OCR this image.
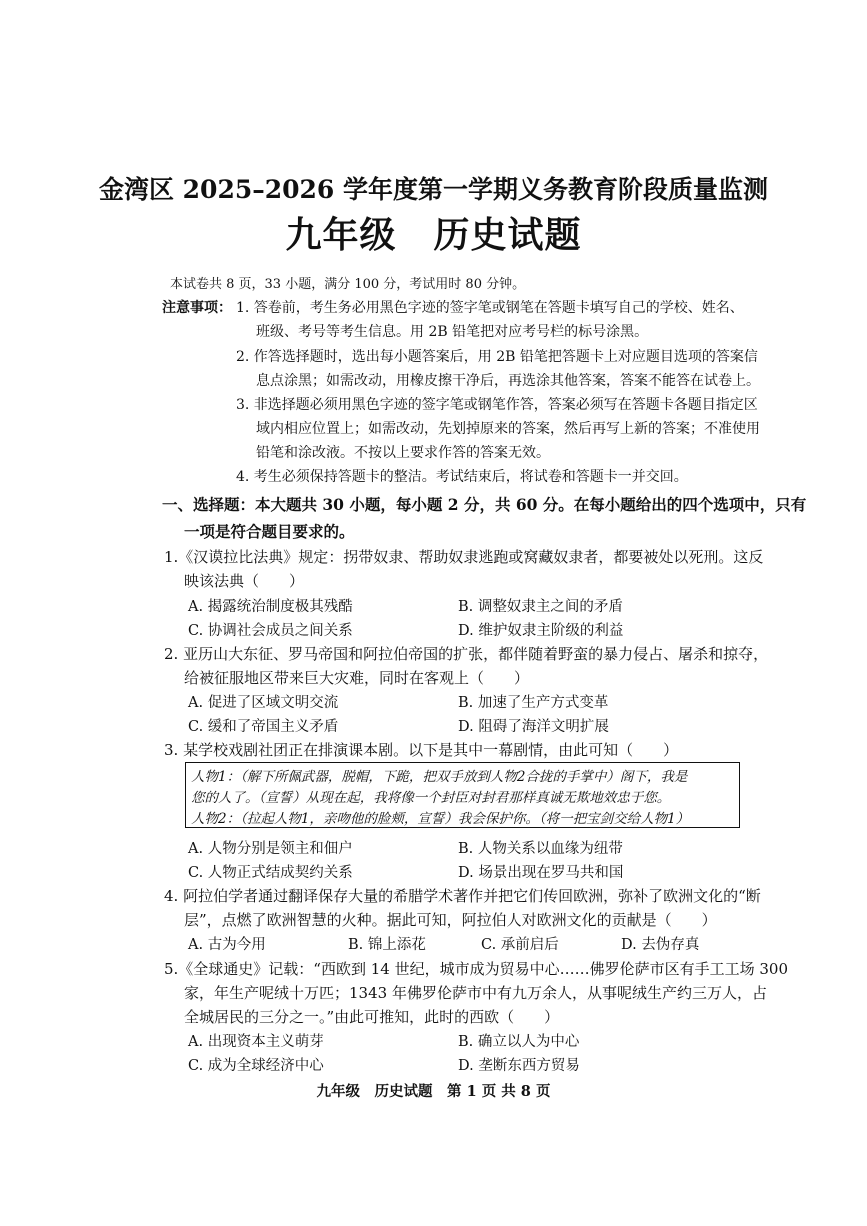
金湾区 2025–2026 学年度第一学期义务教育阶段质量监测
九年级　历史试题
本试卷共 8 页，33 小题，满分 100 分，考试用时 80 分钟。
注意事项： 1. 答卷前，考生务必用黑色字迹的签字笔或钢笔在答题卡填写自己的学校、姓名、
班级、考号等考生信息。用 2B 铅笔把对应考号栏的标号涂黑。
2. 作答选择题时，选出每小题答案后，用 2B 铅笔把答题卡上对应题目选项的答案信
息点涂黑；如需改动，用橡皮擦干净后，再选涂其他答案，答案不能答在试卷上。
3. 非选择题必须用黑色字迹的签字笔或钢笔作答，答案必须写在答题卡各题目指定区
域内相应位置上；如需改动，先划掉原来的答案，然后再写上新的答案；不准使用
铅笔和涂改液。不按以上要求作答的答案无效。
4. 考生必须保持答题卡的整洁。考试结束后，将试卷和答题卡一并交回。
一、选择题：本大题共 30 小题，每小题 2 分，共 60 分。在每小题给出的四个选项中，只有
一项是符合题目要求的。
1.《汉谟拉比法典》规定：拐带奴隶、帮助奴隶逃跑或窝藏奴隶者，都要被处以死刑。这反
映该法典（　　）
A. 揭露统治制度极其残酷	B. 调整奴隶主之间的矛盾
C. 协调社会成员之间关系	D. 维护奴隶主阶级的利益
2. 亚历山大东征、罗马帝国和阿拉伯帝国的扩张，都伴随着野蛮的暴力侵占、屠杀和掠夺，
给被征服地区带来巨大灾难，同时在客观上（　　）
A. 促进了区域文明交流	B. 加速了生产方式变革
C. 缓和了帝国主义矛盾	D. 阻碍了海洋文明扩展
3. 某学校戏剧社团正在排演课本剧。以下是其中一幕剧情，由此可知（　　）
人物1：（解下所佩武器，脱帽，下跪，把双手放到人物2合拢的手掌中）阁下，我是
您的人了。（宣誓）从现在起，我将像一个封臣对封君那样真诚无欺地效忠于您。
人物2：（拉起人物1，亲吻他的脸颊，宣誓）我会保护你。（将一把宝剑交给人物1）
A. 人物分别是领主和佃户	B. 人物关系以血缘为纽带
C. 人物正式结成契约关系	D. 场景出现在罗马共和国
4. 阿拉伯学者通过翻译保存大量的希腊学术著作并把它们传回欧洲，弥补了欧洲文化的“断
层”，点燃了欧洲智慧的火种。据此可知，阿拉伯人对欧洲文化的贡献是（　　）
A. 古为今用	B. 锦上添花	C. 承前启后	D. 去伪存真
5.《全球通史》记载：“西欧到 14 世纪，城市成为贸易中心……佛罗伦萨市区有手工工场 300
家，年生产呢绒十万匹；1343 年佛罗伦萨市中有九万余人，从事呢绒生产约三万人，占
全城居民的三分之一。”由此可推知，此时的西欧（　　）
A. 出现资本主义萌芽	B. 确立以人为中心
C. 成为全球经济中心	D. 垄断东西方贸易
九年级　历史试题　第 1 页 共 8 页
